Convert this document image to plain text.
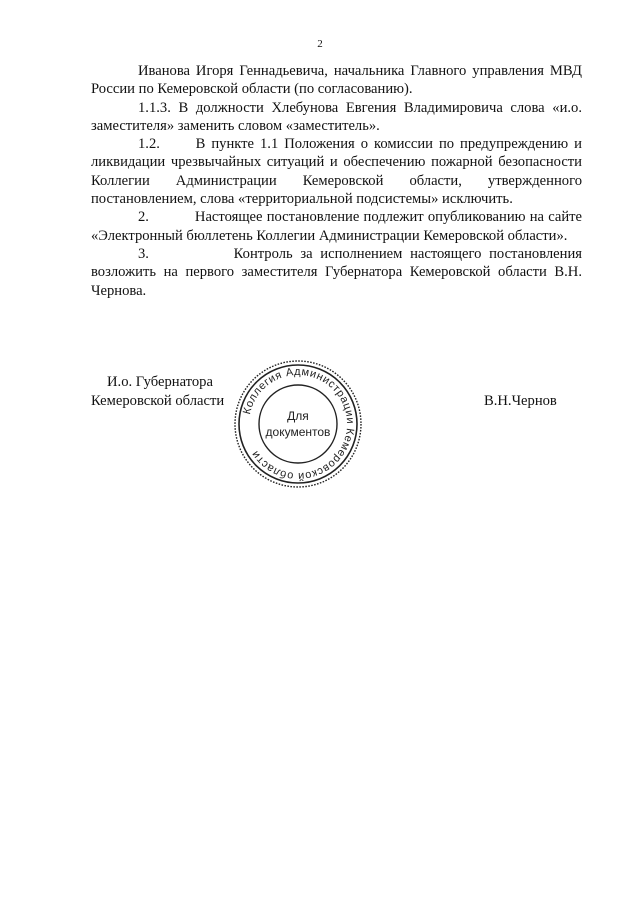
2

Иванова Игоря Геннадьевича, начальника Главного управления МВД России по Кемеровской области (по согласованию).

1.1.3. В должности Хлебунова Евгения Владимировича слова «и.о. заместителя» заменить словом «заместитель».

1.2.      В пункте 1.1 Положения о комиссии по предупреждению и ликвидации чрезвычайных ситуаций и обеспечению пожарной безопасности Коллегии Администрации Кемеровской области, утвержденного постановлением, слова «территориальной подсистемы» исключить.

2.           Настоящее постановление подлежит опубликованию на сайте «Электронный бюллетень Коллегии Администрации Кемеровской области».

3.           Контроль за исполнением настоящего постановления возложить на первого заместителя Губернатора Кемеровской области В.Н. Чернова.

И.о. Губернатора
Кемеровской области
Коллегия Администрации Кемеровской области
Для
документов
В.Н.Чернов
